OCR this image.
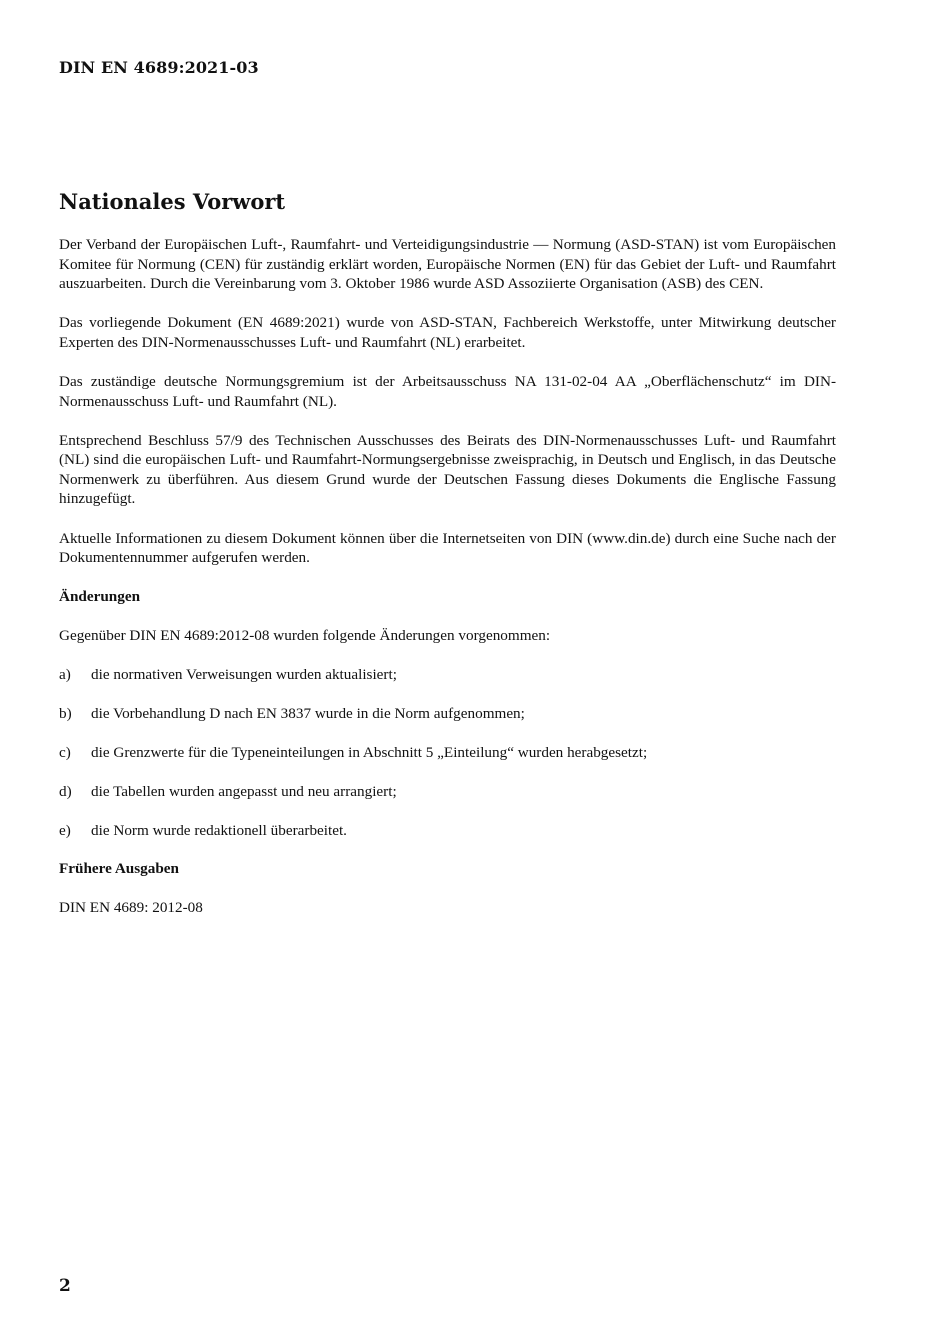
DIN EN 4689:2021-03
Nationales Vorwort

Der Verband der Europäischen Luft-, Raumfahrt- und Verteidigungsindustrie — Normung (ASD-STAN) ist vom Europäischen Komitee für Normung (CEN) für zuständig erklärt worden, Europäische Normen (EN) für das Gebiet der Luft- und Raumfahrt auszuarbeiten. Durch die Vereinbarung vom 3. Oktober 1986 wurde ASD Assoziierte Organisation (ASB) des CEN.

Das vorliegende Dokument (EN 4689:2021) wurde von ASD-STAN, Fachbereich Werkstoffe, unter Mitwirkung deutscher Experten des DIN-Normenausschusses Luft- und Raumfahrt (NL) erarbeitet.

Das zuständige deutsche Normungsgremium ist der Arbeitsausschuss NA 131-02-04 AA „Oberflächenschutz“ im DIN-Normenausschuss Luft- und Raumfahrt (NL).

Entsprechend Beschluss 57/9 des Technischen Ausschusses des Beirats des DIN-Normenausschusses Luft- und Raumfahrt (NL) sind die europäischen Luft- und Raumfahrt-Normungsergebnisse zweisprachig, in Deutsch und Englisch, in das Deutsche Normenwerk zu überführen. Aus diesem Grund wurde der Deutschen Fassung dieses Dokuments die Englische Fassung hinzugefügt.

Aktuelle Informationen zu diesem Dokument können über die Internetseiten von DIN (www.din.de) durch eine Suche nach der Dokumentennummer aufgerufen werden.

Änderungen

Gegenüber DIN EN 4689:2012-08 wurden folgende Änderungen vorgenommen:

a)	die normativen Verweisungen wurden aktualisiert;
b)	die Vorbehandlung D nach EN 3837 wurde in die Norm aufgenommen;
c)	die Grenzwerte für die Typeneinteilungen in Abschnitt 5 „Einteilung“ wurden herabgesetzt;
d)	die Tabellen wurden angepasst und neu arrangiert;
e)	die Norm wurde redaktionell überarbeitet.
Frühere Ausgaben

DIN EN 4689: 2012-08

2
